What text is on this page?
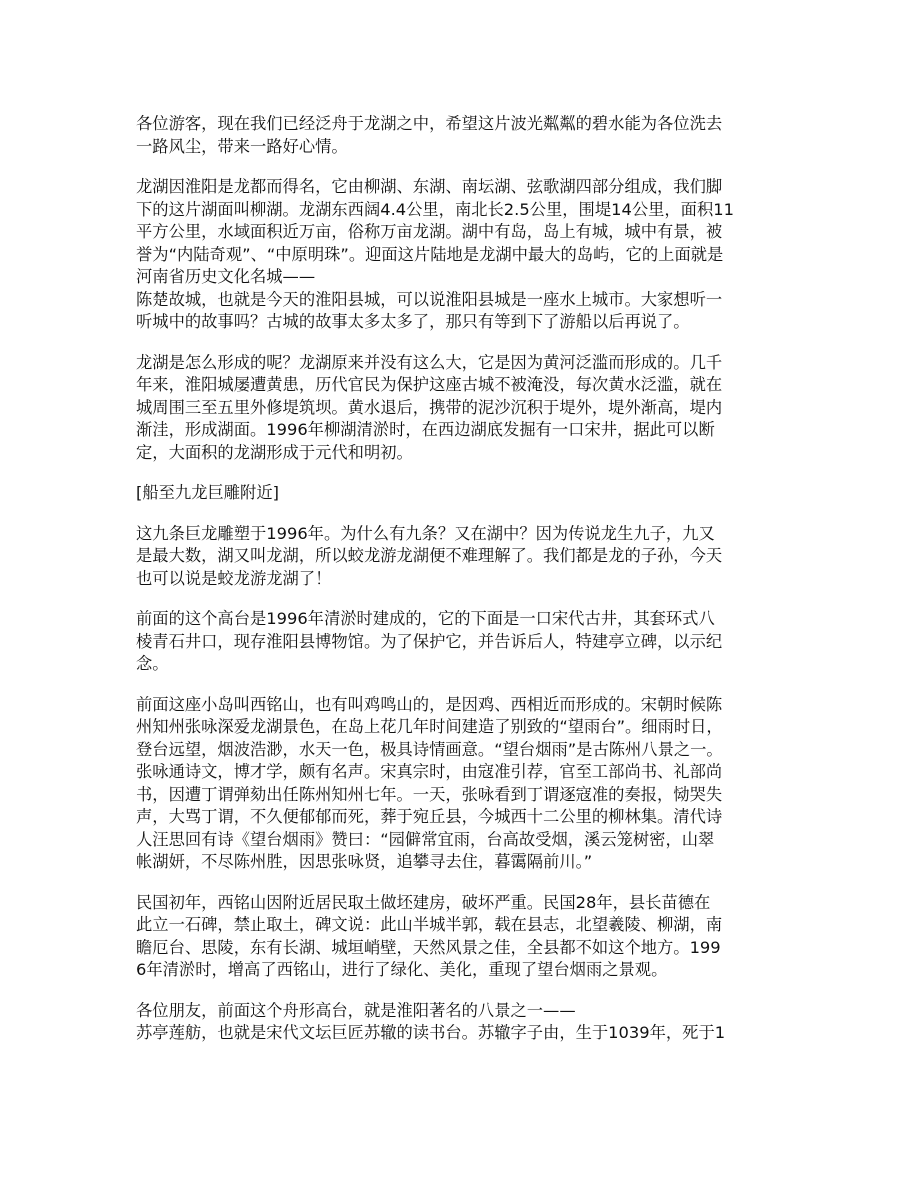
各位游客，现在我们已经泛舟于龙湖之中，希望这片波光粼粼的碧水能为各位洗去
一路风尘，带来一路好心情。
龙湖因淮阳是龙都而得名，它由柳湖、东湖、南坛湖、弦歌湖四部分组成，我们脚
下的这片湖面叫柳湖。龙湖东西阔4.4公里，南北长2.5公里，围堤14公里，面积11
平方公里，水域面积近万亩，俗称万亩龙湖。湖中有岛，岛上有城，城中有景，被
誉为“内陆奇观”、“中原明珠”。迎面这片陆地是龙湖中最大的岛屿，它的上面就是
河南省历史文化名城——
陈楚故城，也就是今天的淮阳县城，可以说淮阳县城是一座水上城市。大家想听一
听城中的故事吗？古城的故事太多太多了，那只有等到下了游船以后再说了。
龙湖是怎么形成的呢？龙湖原来并没有这么大，它是因为黄河泛滥而形成的。几千
年来，淮阳城屡遭黄患，历代官民为保护这座古城不被淹没，每次黄水泛滥，就在
城周围三至五里外修堤筑坝。黄水退后，携带的泥沙沉积于堤外，堤外渐高，堤内
渐洼，形成湖面。1996年柳湖清淤时，在西边湖底发掘有一口宋井，据此可以断
定，大面积的龙湖形成于元代和明初。
[船至九龙巨雕附近]
这九条巨龙雕塑于1996年。为什么有九条？又在湖中？因为传说龙生九子，九又
是最大数，湖又叫龙湖，所以蛟龙游龙湖便不难理解了。我们都是龙的子孙，今天
也可以说是蛟龙游龙湖了！
前面的这个高台是1996年清淤时建成的，它的下面是一口宋代古井，其套环式八
棱青石井口，现存淮阳县博物馆。为了保护它，并告诉后人，特建亭立碑，以示纪
念。
前面这座小岛叫西铭山，也有叫鸡鸣山的，是因鸡、西相近而形成的。宋朝时候陈
州知州张咏深爱龙湖景色，在岛上花几年时间建造了别致的“望雨台”。细雨时日，
登台远望，烟波浩渺，水天一色，极具诗情画意。“望台烟雨”是古陈州八景之一。
张咏通诗文，博才学，颇有名声。宋真宗时，由寇准引荐，官至工部尚书、礼部尚
书，因遭丁谓弹劾出任陈州知州七年。一天，张咏看到丁谓逐寇准的奏报，恸哭失
声，大骂丁谓，不久便郁郁而死，葬于宛丘县，今城西十二公里的柳林集。清代诗
人汪思回有诗《望台烟雨》赞曰：“园僻常宜雨，台高故受烟，溪云笼树密，山翠
帐湖妍，不尽陈州胜，因思张咏贤，追攀寻去住，暮霭隔前川。”
民国初年，西铭山因附近居民取土做坯建房，破坏严重。民国28年，县长苗德在
此立一石碑，禁止取土，碑文说：此山半城半郭，载在县志，北望羲陵、柳湖，南
瞻厄台、思陵，东有长湖、城垣峭壁，天然风景之佳，全县都不如这个地方。199
6年清淤时，增高了西铭山，进行了绿化、美化，重现了望台烟雨之景观。
各位朋友，前面这个舟形高台，就是淮阳著名的八景之一——
苏亭莲舫，也就是宋代文坛巨匠苏辙的读书台。苏辙字子由，生于1039年，死于1
